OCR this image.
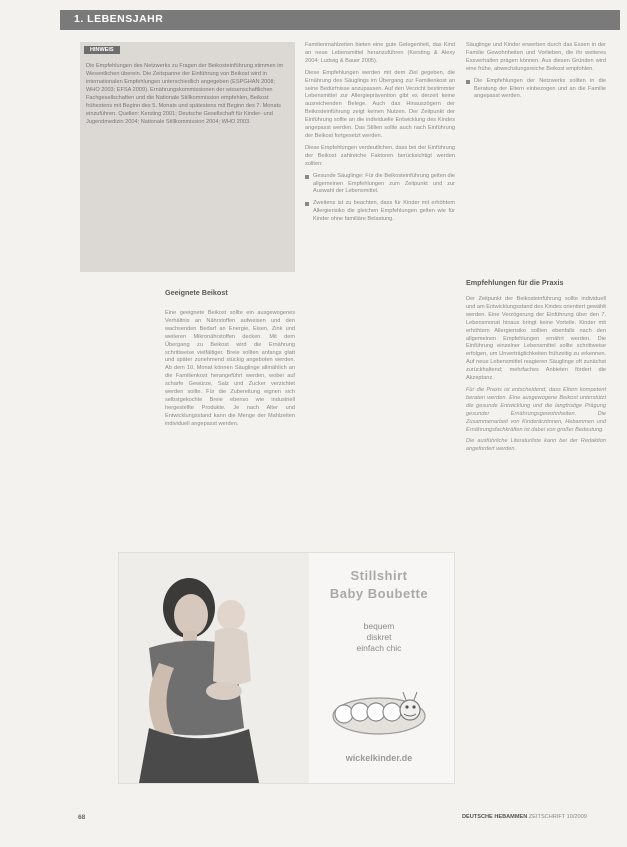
1. LEBENSJAHR
HINWEIS
Die Empfehlungen des Netzwerks zu Fragen der Beikosteinführung stimmen im Wesentlichen überein. Die Zeitspanne der Einführung von Beikost wird in internationalen Empfehlungen unterschiedlich angegeben (ESPGHAN 2008; WHO 2003; EFSA 2009). Ernährungskommissionen der wissenschaftlichen Fachgesellschaften und die Nationale Stillkommission empfehlen, Beikost frühestens mit Beginn des 5. Monats und spätestens mit Beginn des 7. Monats einzuführen. Quellen: Kersting 2001; Deutsche Gesellschaft für Kinder- und Jugendmedizin 2004; Nationale Stillkommission 2004; WHO 2003.
Geeignete Beikost

Eine geeignete Beikost sollte ein ausgewogenes Verhältnis an Nährstoffen aufweisen und den wachsenden Bedarf an Energie, Eisen, Zink und weiteren Mikronährstoffen decken. Mit dem Übergang zu Beikost wird die Ernährung schrittweise vielfältiger. Breie sollten anfangs glatt und später zunehmend stückig angeboten werden. Ab dem 10. Monat können Säuglinge allmählich an die Familienkost herangeführt werden, wobei auf scharfe Gewürze, Salz und Zucker verzichtet werden sollte. Für die Zubereitung eignen sich selbstgekochte Breie ebenso wie industriell hergestellte Produkte. Je nach Alter und Entwicklungsstand kann die Menge der Mahlzeiten individuell angepasst werden.

Familienmahlzeiten bieten eine gute Gelegenheit, das Kind an neue Lebensmittel heranzuführen (Kersting & Alexy 2004; Ludwig & Bauer 2005).

Diese Empfehlungen werden mit dem Ziel gegeben, die Ernährung des Säuglings im Übergang zur Familienkost an seine Bedürfnisse anzupassen. Auf den Verzicht bestimmter Lebensmittel zur Allergieprävention gibt es derzeit keine ausreichenden Belege. Auch das Hinauszögern der Beikosteinführung zeigt keinen Nutzen. Der Zeitpunkt der Einführung sollte an die individuelle Entwicklung des Kindes angepasst werden. Das Stillen sollte auch nach Einführung der Beikost fortgesetzt werden.

Diese Empfehlungen verdeutlichen, dass bei der Einführung der Beikost zahlreiche Faktoren berücksichtigt werden sollten:

Gesunde Säuglinge: Für die Beikosteinführung gelten die allgemeinen Empfehlungen zum Zeitpunkt und zur Auswahl der Lebensmittel.

Zweitens ist zu beachten, dass für Kinder mit erhöhtem Allergierisiko die gleichen Empfehlungen gelten wie für Kinder ohne familiäre Belastung.

Säuglinge und Kinder erwerben durch das Essen in der Familie Gewohnheiten und Vorlieben, die ihr weiteres Essverhalten prägen können. Aus diesen Gründen wird eine frühe, abwechslungsreiche Beikost empfohlen.

Die Empfehlungen der Netzwerks sollten in die Beratung der Eltern einbezogen und an die Familie angepasst werden.

Empfehlungen für die Praxis

Der Zeitpunkt der Beikosteinführung sollte individuell und am Entwicklungsstand des Kindes orientiert gewählt werden. Eine Verzögerung der Einführung über den 7. Lebensmonat hinaus bringt keine Vorteile. Kinder mit erhöhtem Allergierisiko sollten ebenfalls nach den allgemeinen Empfehlungen ernährt werden. Die Einführung einzelner Lebensmittel sollte schrittweise erfolgen, um Unverträglichkeiten frühzeitig zu erkennen. Auf neue Lebensmittel reagieren Säuglinge oft zunächst zurückhaltend; mehrfaches Anbieten fördert die Akzeptanz.

Für die Praxis ist entscheidend, dass Eltern kompetent beraten werden. Eine ausgewogene Beikost unterstützt die gesunde Entwicklung und die langfristige Prägung gesunder Ernährungsgewohnheiten. Die Zusammenarbeit von Kinderärztinnen, Hebammen und Ernährungsfachkräften ist dabei von großer Bedeutung.

Die ausführliche Literaturliste kann bei der Redaktion angefordert werden.

Stillshirt
Baby Boubette
bequem
diskret
einfach chic
wickelkinder.de
68	DEUTSCHE HEBAMMEN ZEITSCHRIFT 10/2009
